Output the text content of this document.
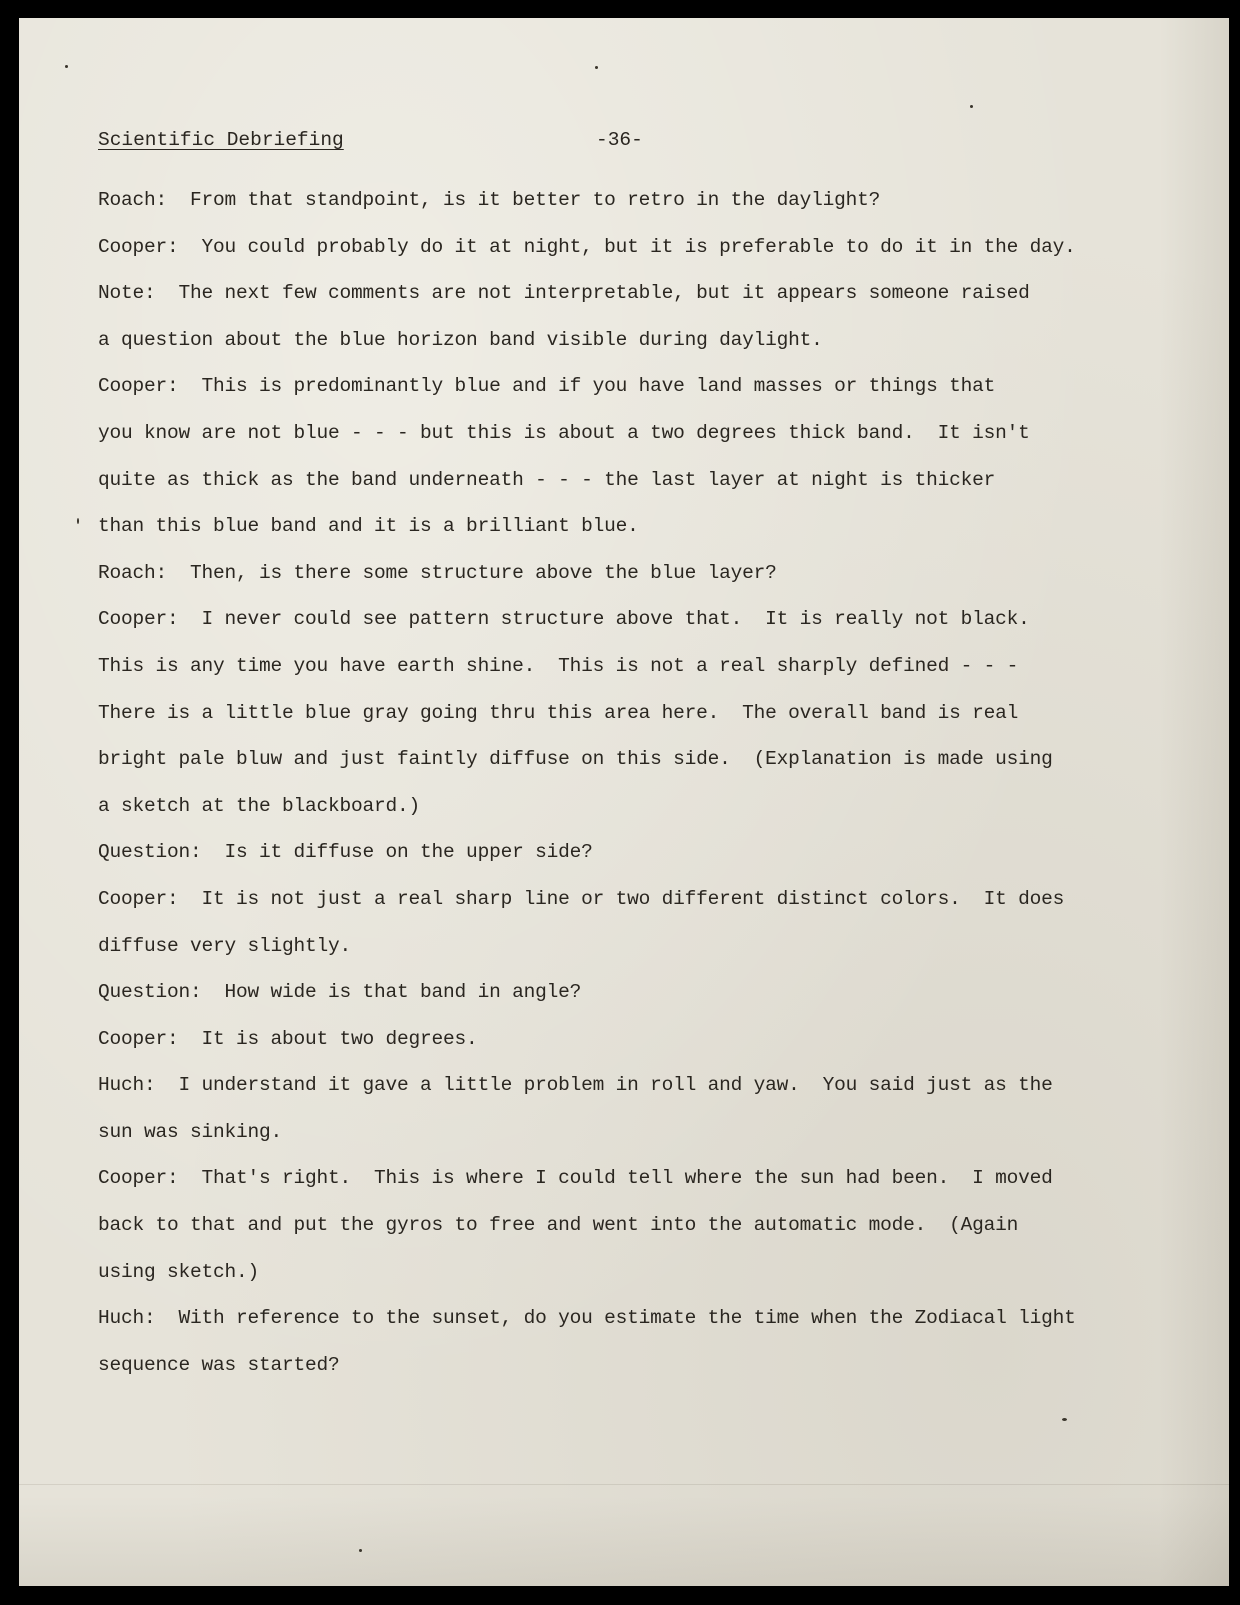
Scientific Debriefing	-36-
Roach:  From that standpoint, is it better to retro in the daylight?
Cooper:  You could probably do it at night, but it is preferable to do it in the day.
Note:  The next few comments are not interpretable, but it appears someone raised
a question about the blue horizon band visible during daylight.
Cooper:  This is predominantly blue and if you have land masses or things that
you know are not blue - - - but this is about a two degrees thick band.  It isn't
quite as thick as the band underneath - - - the last layer at night is thicker
than this blue band and it is a brilliant blue.
Roach:  Then, is there some structure above the blue layer?
Cooper:  I never could see pattern structure above that.  It is really not black.
This is any time you have earth shine.  This is not a real sharply defined - - -
There is a little blue gray going thru this area here.  The overall band is real
bright pale bluw and just faintly diffuse on this side.  (Explanation is made using
a sketch at the blackboard.)
Question:  Is it diffuse on the upper side?
Cooper:  It is not just a real sharp line or two different distinct colors.  It does
diffuse very slightly.
Question:  How wide is that band in angle?
Cooper:  It is about two degrees.
Huch:  I understand it gave a little problem in roll and yaw.  You said just as the
sun was sinking.
Cooper:  That's right.  This is where I could tell where the sun had been.  I moved
back to that and put the gyros to free and went into the automatic mode.  (Again
using sketch.)
Huch:  With reference to the sunset, do you estimate the time when the Zodiacal light
sequence was started?
